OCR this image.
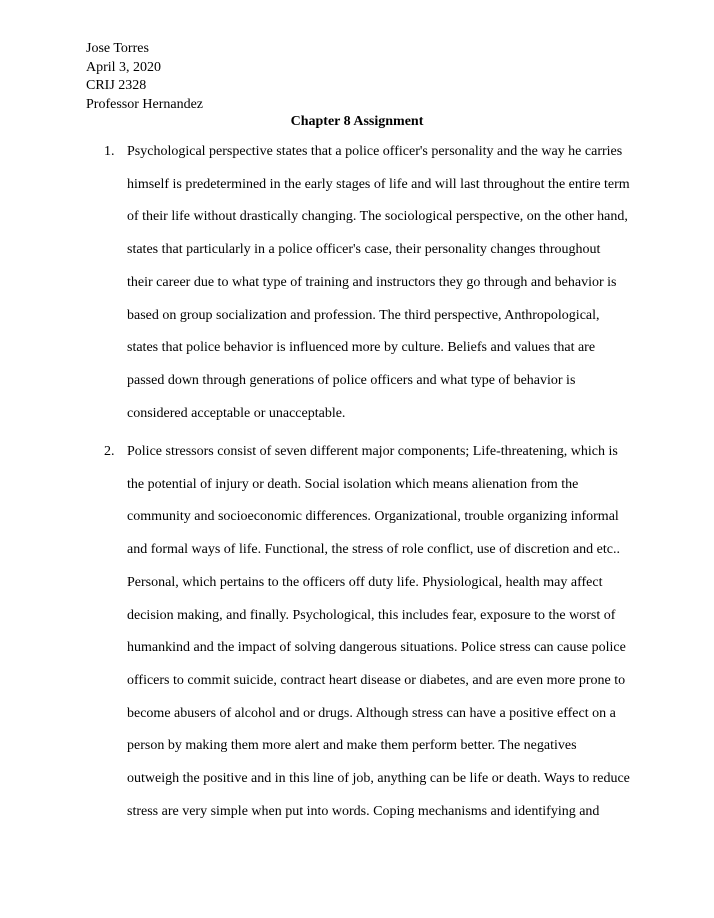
Jose Torres
April 3, 2020
CRIJ 2328
Professor Hernandez
Chapter 8 Assignment
1. Psychological perspective states that a police officer's personality and the way he carries
himself is predetermined in the early stages of life and will last throughout the entire term
of their life without drastically changing. The sociological perspective, on the other hand,
states that particularly in a police officer's case, their personality changes throughout
their career due to what type of training and instructors they go through and behavior is
based on group socialization and profession. The third perspective, Anthropological,
states that police behavior is influenced more by culture. Beliefs and values that are
passed down through generations of police officers and what type of behavior is
considered acceptable or unacceptable.
2. Police stressors consist of seven different major components; Life-threatening, which is
the potential of injury or death. Social isolation which means alienation from the
community and socioeconomic differences. Organizational, trouble organizing informal
and formal ways of life. Functional, the stress of role conflict, use of discretion and etc..
Personal, which pertains to the officers off duty life. Physiological, health may affect
decision making, and finally. Psychological, this includes fear, exposure to the worst of
humankind and the impact of solving dangerous situations. Police stress can cause police
officers to commit suicide, contract heart disease or diabetes, and are even more prone to
become abusers of alcohol and or drugs. Although stress can have a positive effect on a
person by making them more alert and make them perform better. The negatives
outweigh the positive and in this line of job, anything can be life or death. Ways to reduce
stress are very simple when put into words. Coping mechanisms and identifying and
